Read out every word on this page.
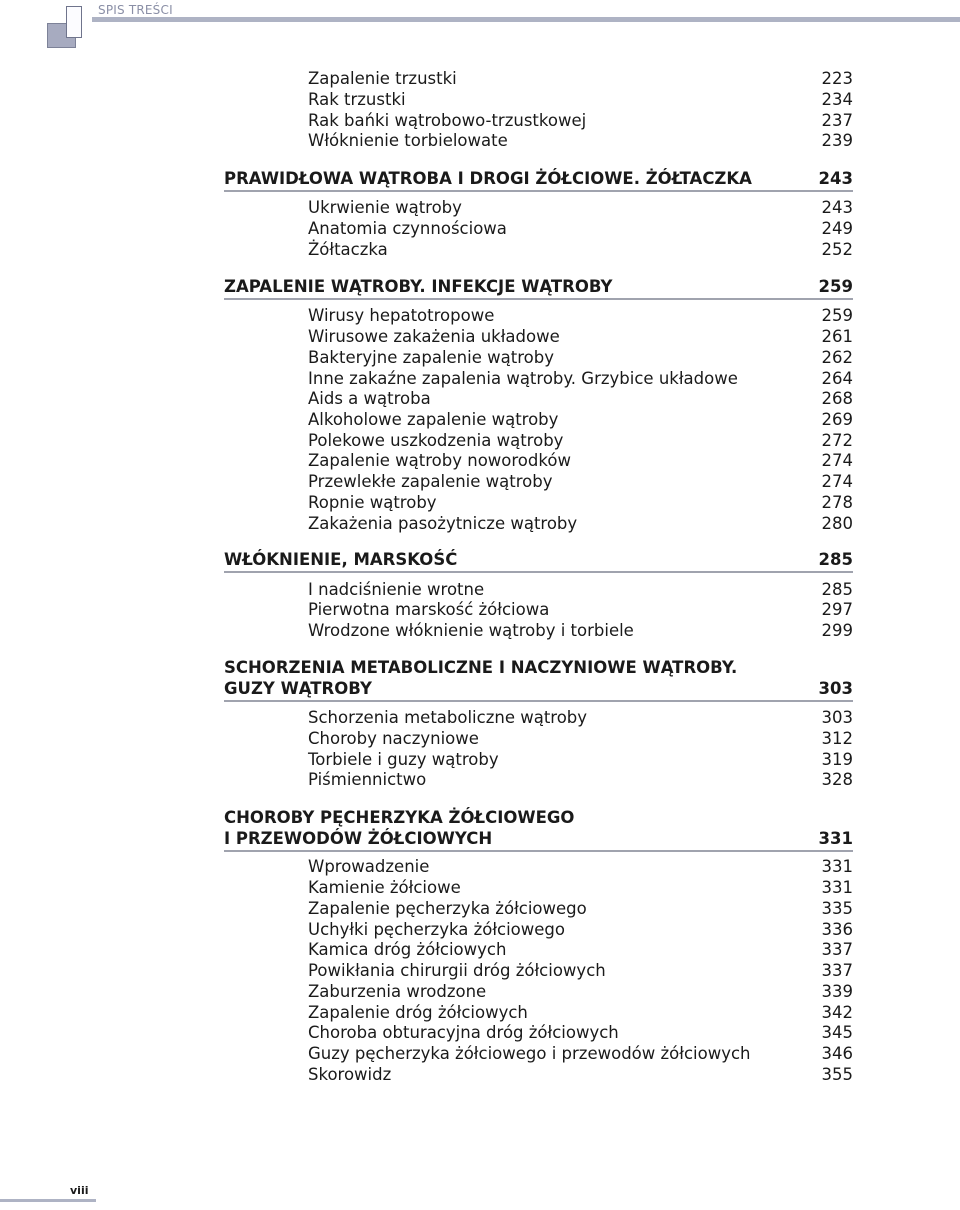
SPIS TREŚCI
Zapalenie trzustki	223
Rak trzustki	234
Rak bańki wątrobowo-trzustkowej	237
Włóknienie torbielowate	239
PRAWIDŁOWA WĄTROBA I DROGI ŻÓŁCIOWE. ŻÓŁTACZKA	243
Ukrwienie wątroby	243
Anatomia czynnościowa	249
Żółtaczka	252
ZAPALENIE WĄTROBY. INFEKCJE WĄTROBY	259
Wirusy hepatotropowe	259
Wirusowe zakażenia układowe	261
Bakteryjne zapalenie wątroby	262
Inne zakaźne zapalenia wątroby. Grzybice układowe	264
Aids a wątroba	268
Alkoholowe zapalenie wątroby	269
Polekowe uszkodzenia wątroby	272
Zapalenie wątroby noworodków	274
Przewlekłe zapalenie wątroby	274
Ropnie wątroby	278
Zakażenia pasożytnicze wątroby	280
WŁÓKNIENIE, MARSKOŚĆ	285
I nadciśnienie wrotne	285
Pierwotna marskość żółciowa	297
Wrodzone włóknienie wątroby i torbiele	299
SCHORZENIA METABOLICZNE I NACZYNIOWE WĄTROBY.
GUZY WĄTROBY	303
Schorzenia metaboliczne wątroby	303
Choroby naczyniowe	312
Torbiele i guzy wątroby	319
Piśmiennictwo	328
CHOROBY PĘCHERZYKA ŻÓŁCIOWEGO
I PRZEWODÓW ŻÓŁCIOWYCH	331
Wprowadzenie	331
Kamienie żółciowe	331
Zapalenie pęcherzyka żółciowego	335
Uchyłki pęcherzyka żółciowego	336
Kamica dróg żółciowych	337
Powikłania chirurgii dróg żółciowych	337
Zaburzenia wrodzone	339
Zapalenie dróg żółciowych	342
Choroba obturacyjna dróg żółciowych	345
Guzy pęcherzyka żółciowego i przewodów żółciowych	346
Skorowidz	355
viii
